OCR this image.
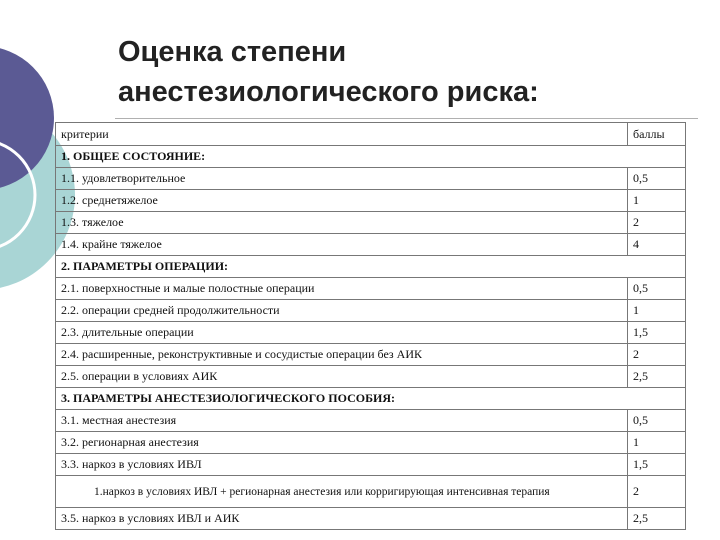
Оценка степени
анестезиологического риска:
критерии	баллы
1. ОБЩЕЕ СОСТОЯНИЕ:	
1.1. удовлетворительное	0,5
1.2. среднетяжелое	1
1.3. тяжелое	2
1.4. крайне тяжелое	4
2. ПАРАМЕТРЫ ОПЕРАЦИИ:	
2.1. поверхностные и малые полостные операции	0,5
2.2. операции средней продолжительности	1
2.3. длительные операции	1,5
2.4. расширенные, реконструктивные и сосудистые операции без АИК	2
2.5. операции в условиях АИК	2,5
3. ПАРАМЕТРЫ АНЕСТЕЗИОЛОГИЧЕСКОГО ПОСОБИЯ:	
3.1. местная анестезия	0,5
3.2. регионарная анестезия	1
3.3. наркоз в условиях ИВЛ	1,5
1.наркоз в условиях ИВЛ + регионарная анестезия или корригирующая интенсивная терапия	2
3.5. наркоз в условиях ИВЛ и АИК	2,5
